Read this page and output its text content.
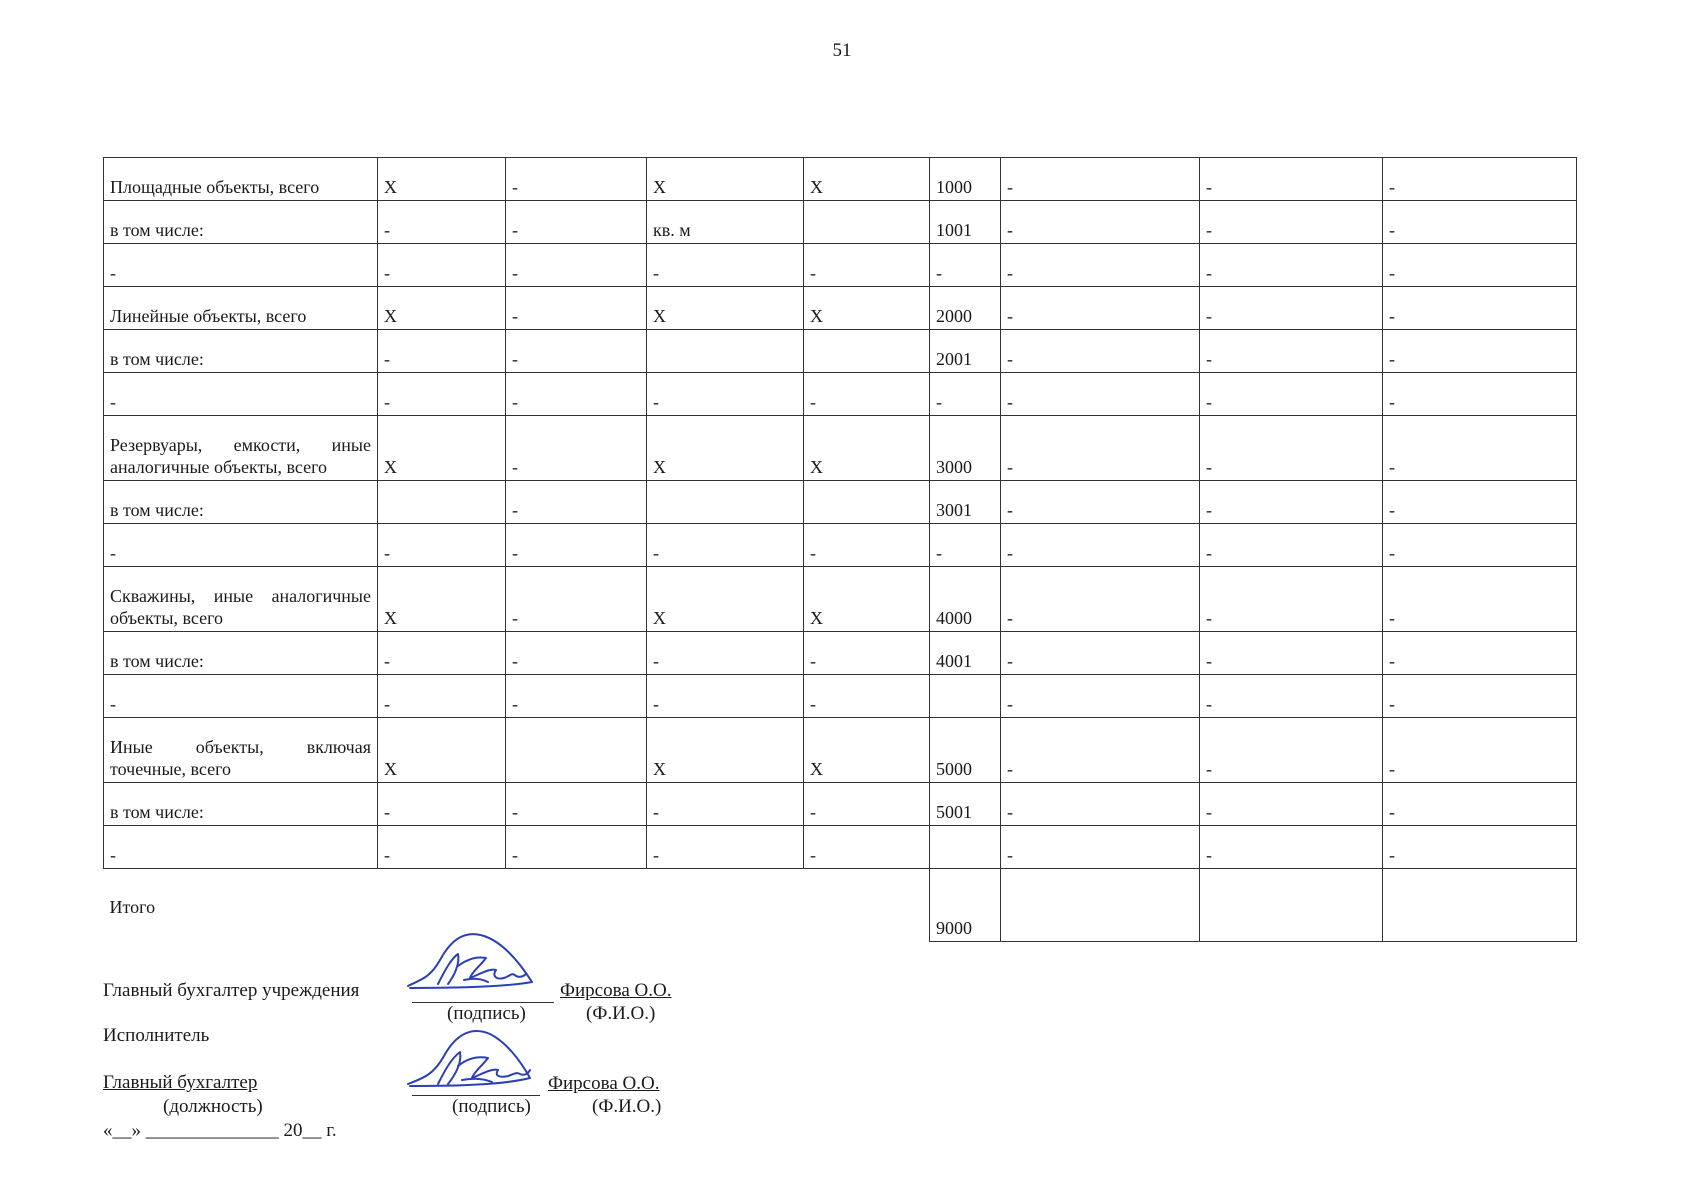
51
Площадные объекты, всего	X	-	X	X	1000	-	-	-
в том числе:	-	-	кв. м		1001	-	-	-
-	-	-	-	-	-	-	-	-
Линейные объекты, всего	X	-	X	X	2000	-	-	-
в том числе:	-	-			2001	-	-	-
-	-	-	-	-	-	-	-	-
Резервуары, емкости, иные аналогичные объекты, всего	X	-	X	X	3000	-	-	-
в том числе:		-			3001	-	-	-
-	-	-	-	-	-	-	-	-
Скважины, иные аналогичные объекты, всего	X	-	X	X	4000	-	-	-
в том числе:	-	-	-	-	4001	-	-	-
-	-	-	-	-		-	-	-
Иные объекты, включая точечные, всего	X		X	X	5000	-	-	-
в том числе:	-	-	-	-	5001	-	-	-
-	-	-	-	-		-	-	-
Итого					9000			
Главный бухгалтер учреждения	Фирсова О.О.
(подпись)	(Ф.И.О.)
Исполнитель
Главный бухгалтер	Фирсова О.О.
(должность)	(подпись)	(Ф.И.О.)
«__» ______________ 20__ г.
